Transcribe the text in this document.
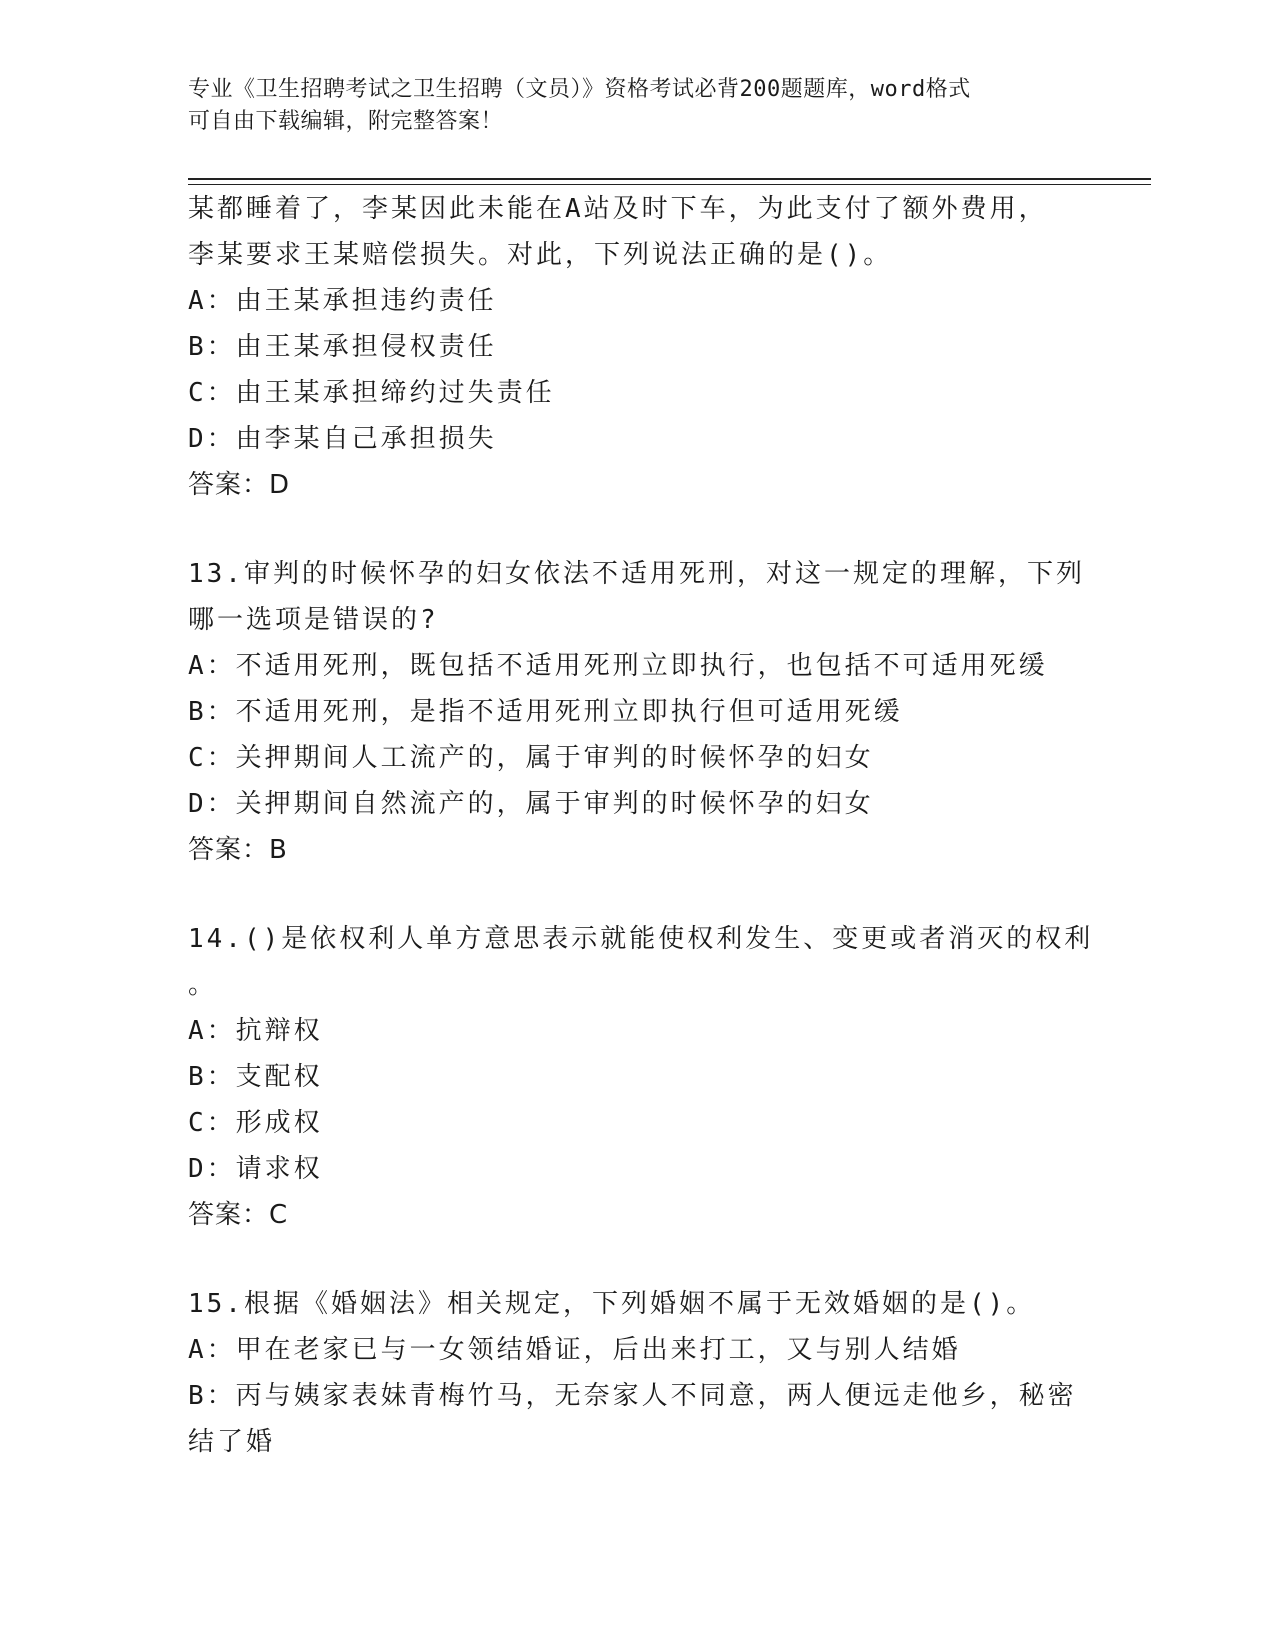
专业《卫生招聘考试之卫生招聘（文员）》资格考试必背200题题库，word格式
可自由下载编辑，附完整答案！
某都睡着了，李某因此未能在A站及时下车，为此支付了额外费用，
李某要求王某赔偿损失。对此，下列说法正确的是()。
A：由王某承担违约责任
B：由王某承担侵权责任
C：由王某承担缔约过失责任
D：由李某自己承担损失
答案：D
13.审判的时候怀孕的妇女依法不适用死刑，对这一规定的理解，下列
哪一选项是错误的?
A：不适用死刑，既包括不适用死刑立即执行，也包括不可适用死缓
B：不适用死刑，是指不适用死刑立即执行但可适用死缓
C：关押期间人工流产的，属于审判的时候怀孕的妇女
D：关押期间自然流产的，属于审判的时候怀孕的妇女
答案：B
14.()是依权利人单方意思表示就能使权利发生、变更或者消灭的权利
。
A：抗辩权
B：支配权
C：形成权
D：请求权
答案：C
15.根据《婚姻法》相关规定，下列婚姻不属于无效婚姻的是()。
A：甲在老家已与一女领结婚证，后出来打工，又与别人结婚
B：丙与姨家表妹青梅竹马，无奈家人不同意，两人便远走他乡，秘密
结了婚
